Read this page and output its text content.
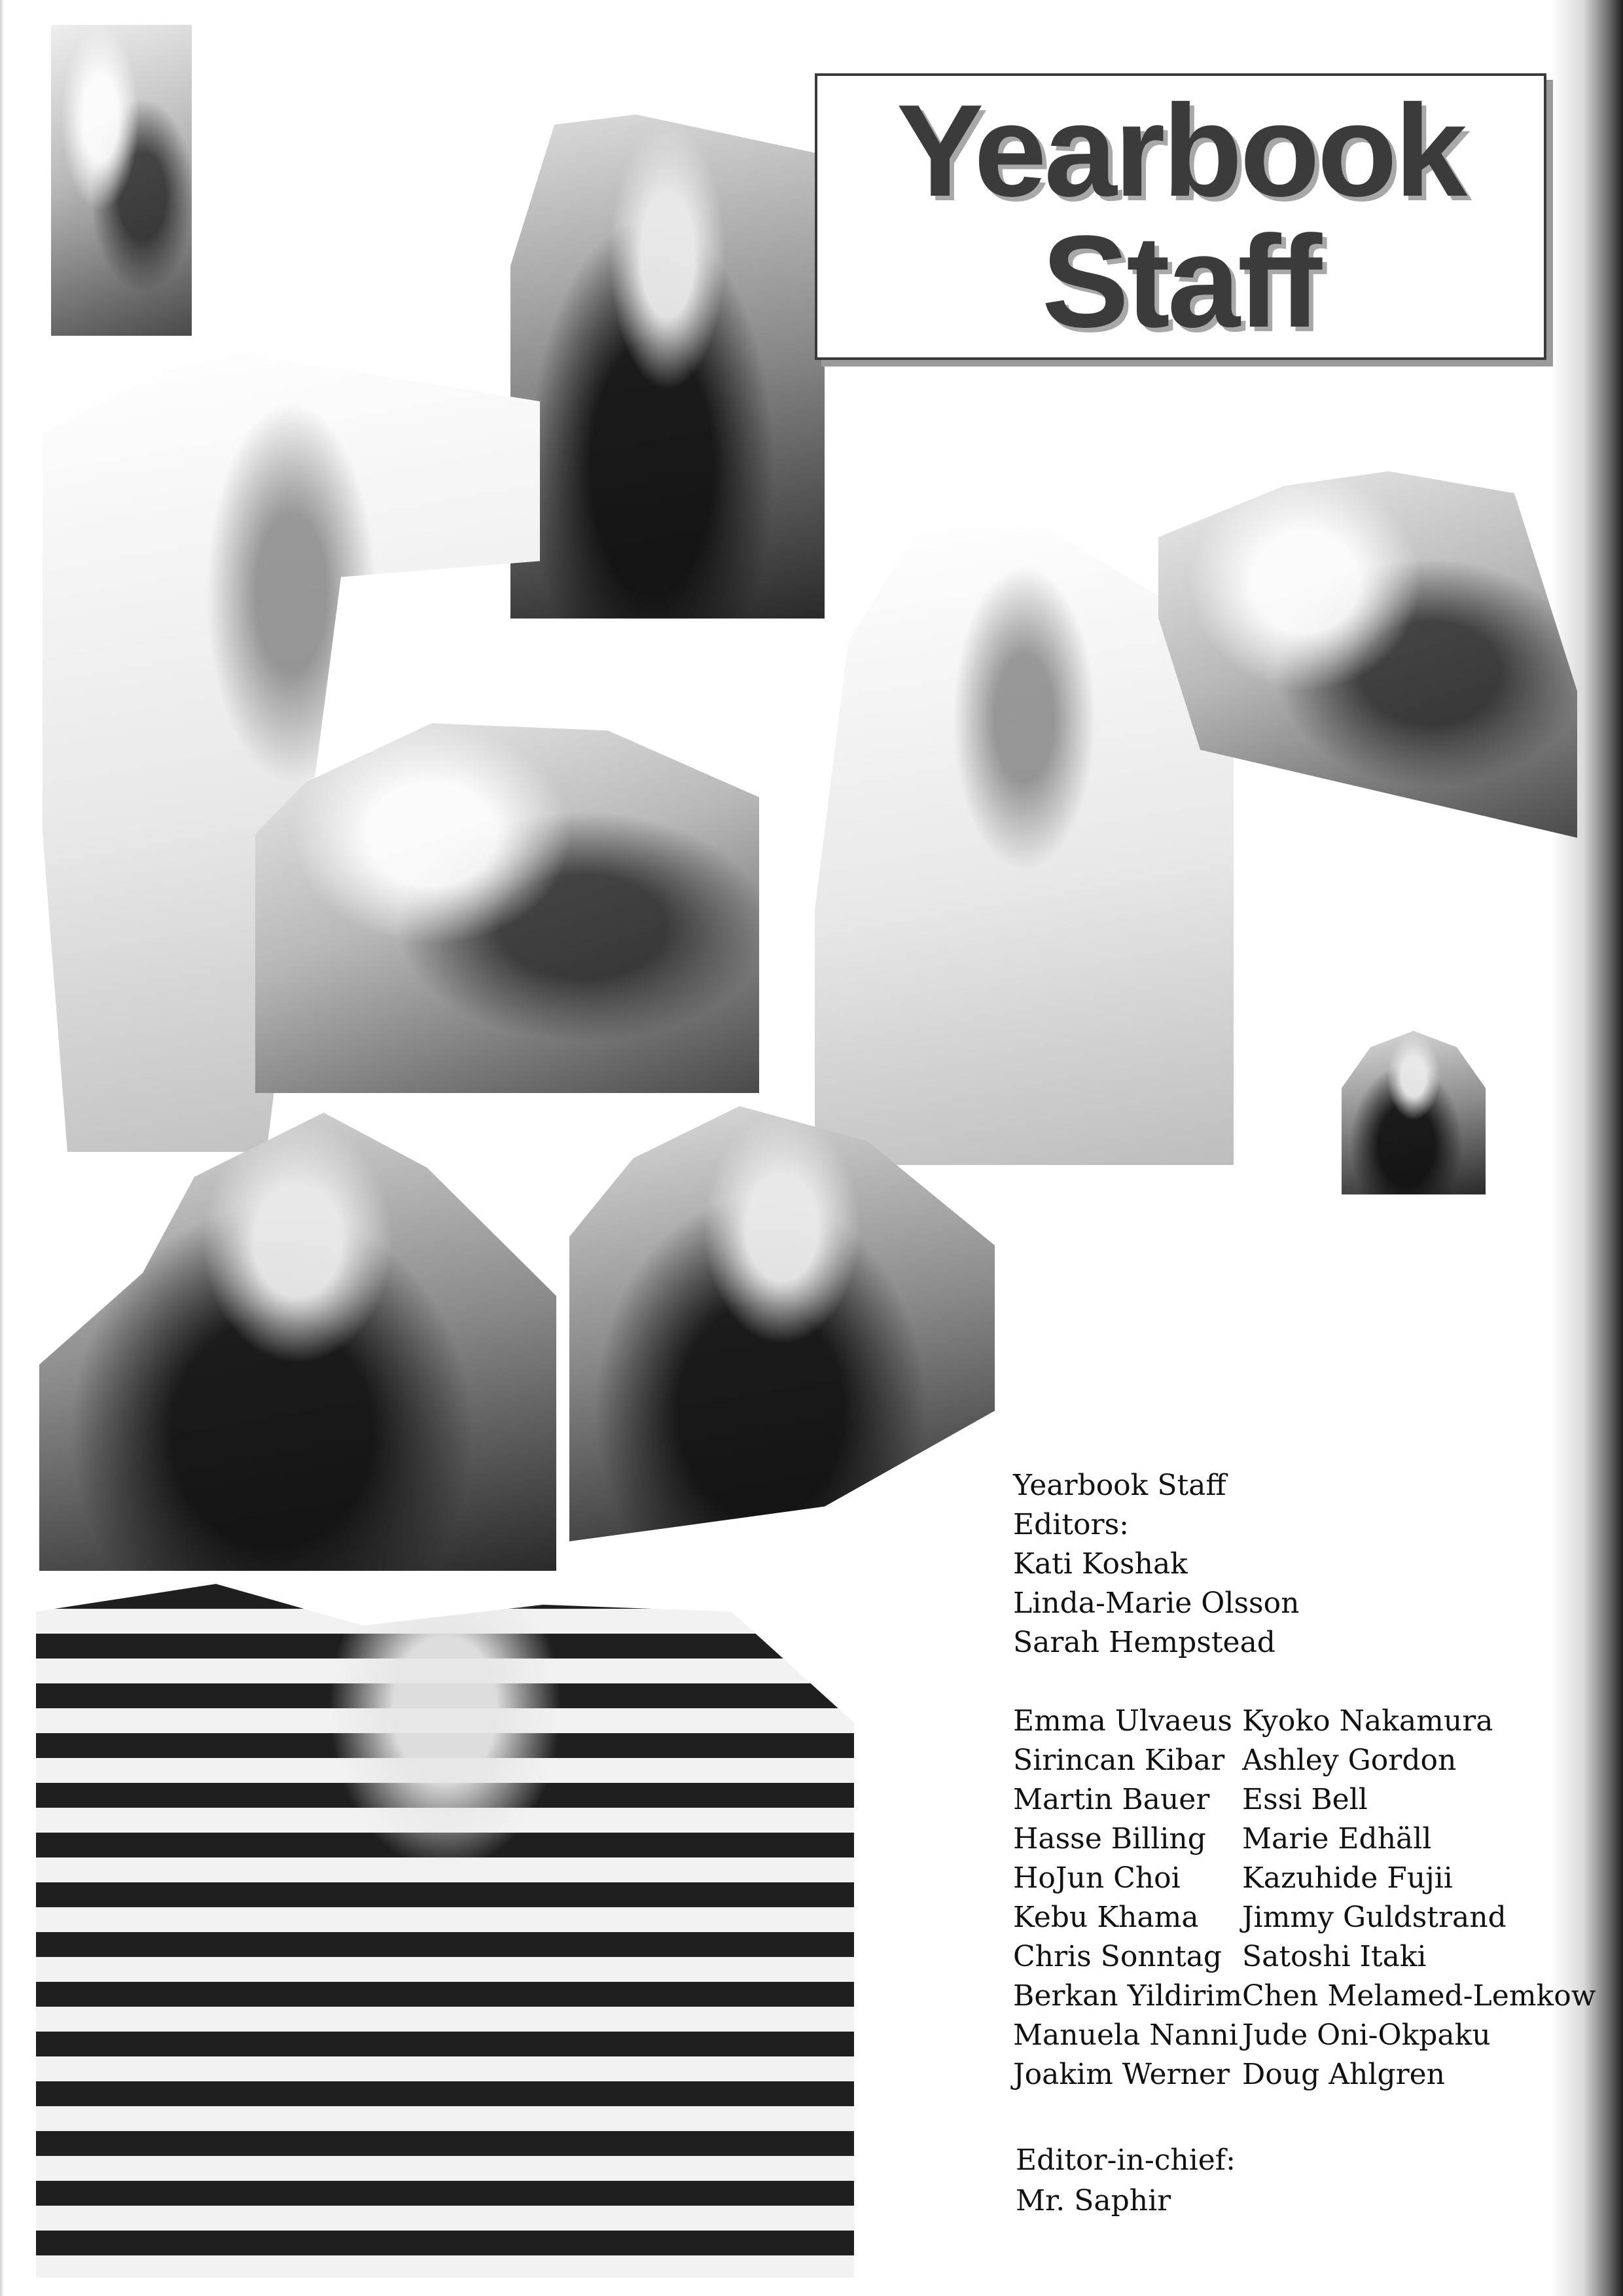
Yearbook
Staff
Yearbook Staff
Editors:
Kati Koshak
Linda-Marie Olsson
Sarah Hempstead
Emma Ulvaeus
Sirincan Kibar
Martin Bauer
Hasse Billing
HoJun Choi
Kebu Khama
Chris Sonntag
Berkan Yildirim
Manuela Nanni
Joakim Werner
Kyoko Nakamura
Ashley Gordon
Essi Bell
Marie Edhäll
Kazuhide Fujii
Jimmy Guldstrand
Satoshi Itaki
Chen Melamed-Lemkow
Jude Oni-Okpaku
Doug Ahlgren
Editor-in-chief:
Mr. Saphir
